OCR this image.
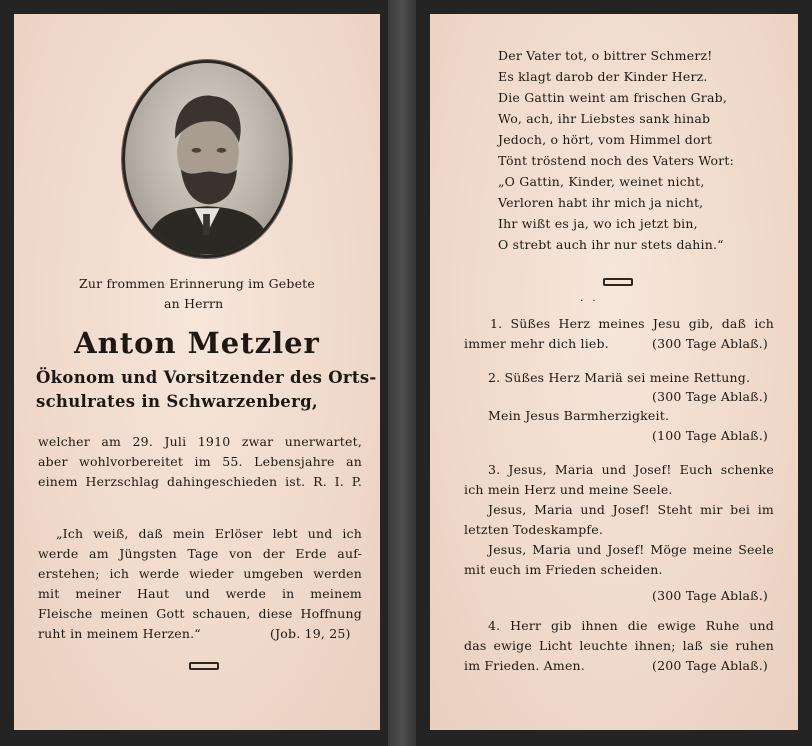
Zur frommen Erinnerung im Gebete
an Herrn
Anton Metzler
Ökonom und Vorsitzender des Orts-
schulrates in Schwarzenberg,
welcher am 29. Juli 1910 zwar unerwartet,
aber wohlvorbereitet im 55. Lebensjahre an
einem Herzschlag dahingeschieden ist. R. I. P.
„Ich weiß, daß mein Erlöser lebt und ich
werde am Jüngsten Tage von der Erde auf-
erstehen; ich werde wieder umgeben werden
mit meiner Haut und werde in meinem
Fleische meinen Gott schauen, diese Hoffnung
ruht in meinem Herzen.“	(Job. 19, 25)
Der Vater tot, o bittrer Schmerz!
Es klagt darob der Kinder Herz.
Die Gattin weint am frischen Grab,
Wo, ach, ihr Liebstes sank hinab
Jedoch, o hört, vom Himmel dort
Tönt tröstend noch des Vaters Wort:
„O Gattin, Kinder, weinet nicht,
Verloren habt ihr mich ja nicht,
Ihr wißt es ja, wo ich jetzt bin,
O strebt auch ihr nur stets dahin.“
· ·
1. Süßes Herz meines Jesu gib, daß ich
immer mehr dich lieb.	(300 Tage Ablaß.)
2. Süßes Herz Mariä sei meine Rettung.
(300 Tage Ablaß.)
Mein Jesus Barmherzigkeit.
(100 Tage Ablaß.)
3. Jesus, Maria und Josef! Euch schenke
ich mein Herz und meine Seele.
Jesus, Maria und Josef! Steht mir bei im
letzten Todeskampfe.
Jesus, Maria und Josef! Möge meine Seele
mit euch im Frieden scheiden.
(300 Tage Ablaß.)
4. Herr gib ihnen die ewige Ruhe und
das ewige Licht leuchte ihnen; laß sie ruhen
im Frieden. Amen.	(200 Tage Ablaß.)
